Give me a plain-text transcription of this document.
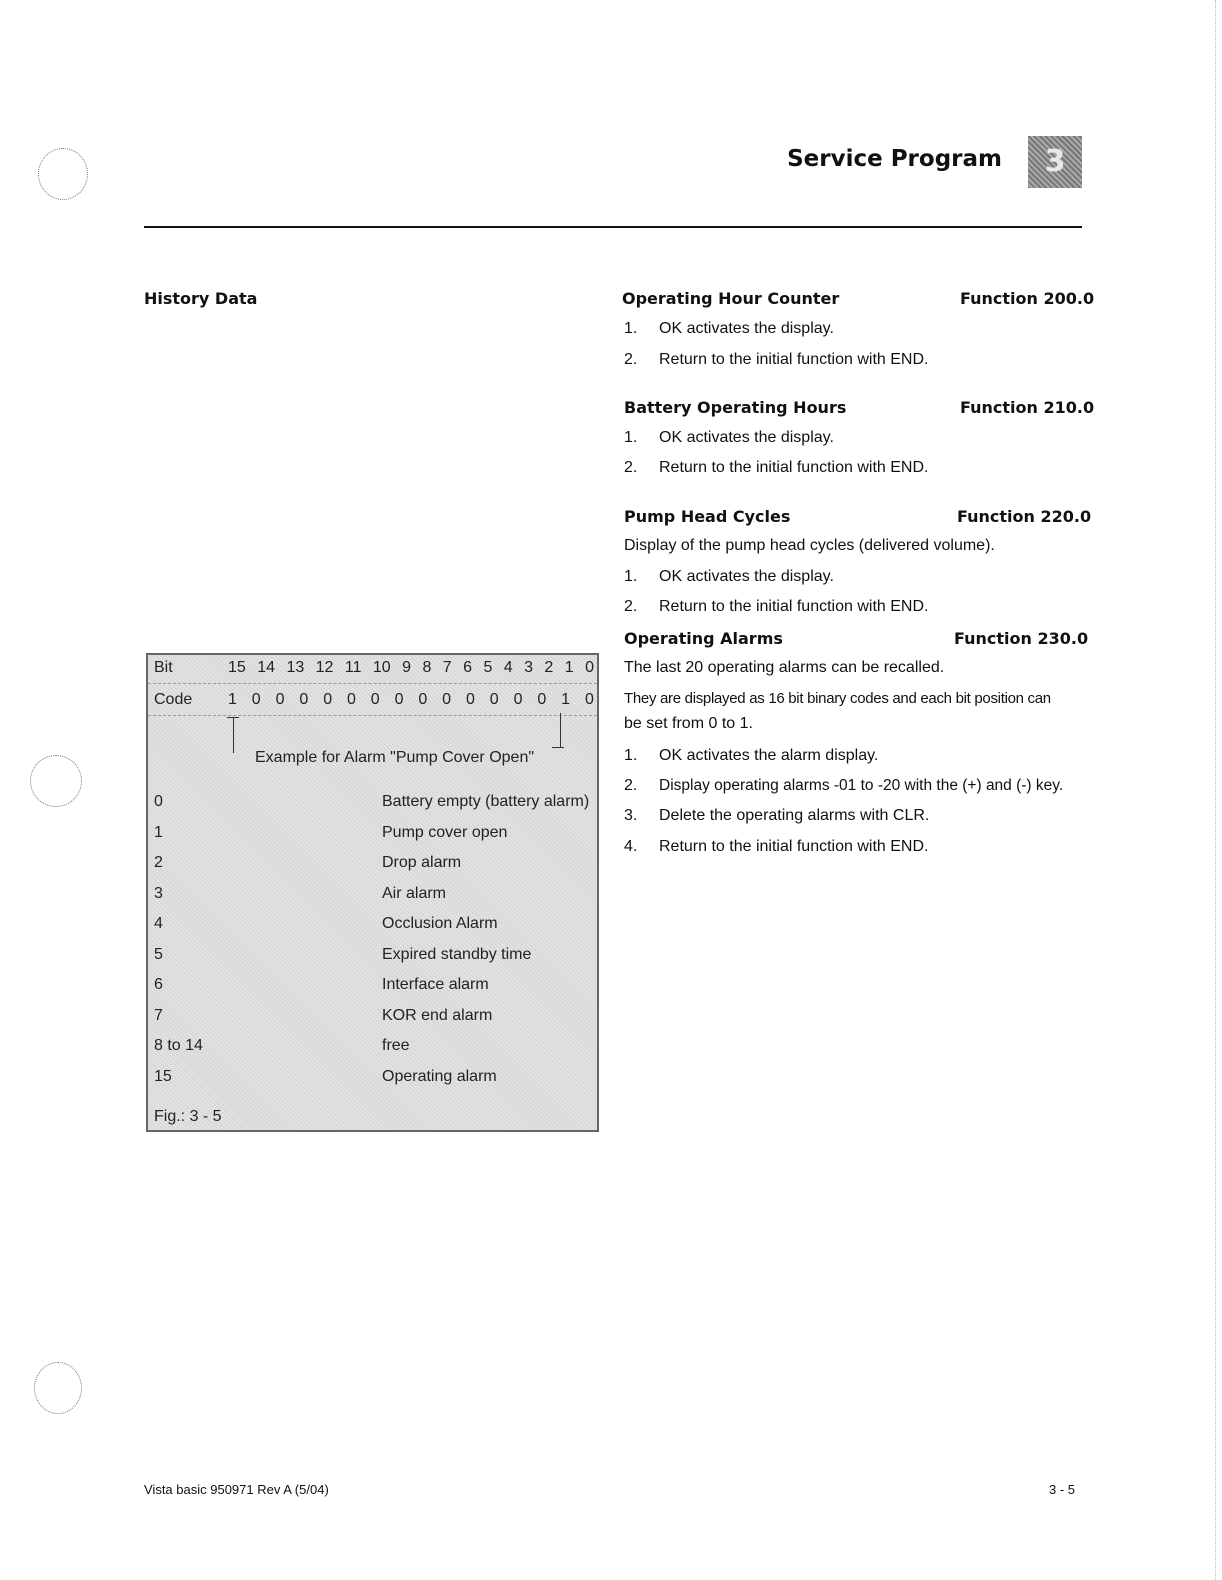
Service Program	3
History Data	Operating Hour Counter	Function 200.0
1. OK activates the display.
2. Return to the initial function with END.
Battery Operating Hours	Function 210.0
1. OK activates the display.
2. Return to the initial function with END.
Pump Head Cycles	Function 220.0
Display of the pump head cycles (delivered volume).
1. OK activates the display.
2. Return to the initial function with END.
Operating Alarms	Function 230.0
The last 20 operating alarms can be recalled.
They are displayed as 16 bit binary codes and each bit position can
be set from 0 to 1.
1. OK activates the alarm display.
2. Display operating alarms -01 to -20 with the (+) and (-) key.
3. Delete the operating alarms with CLR.
4. Return to the initial function with END.
Bit	15 14 13 12 11 10 9 8 7 6 5 4 3 2 1 0
Code 1 0 0 0 0 0 0 0 0 0 0 0 0 0 1 0
Example for Alarm "Pump Cover Open"
0	Battery empty (battery alarm)
1	Pump cover open
2	Drop alarm
3	Air alarm
4	Occlusion Alarm
5	Expired standby time
6	Interface alarm
7	KOR end alarm
8 to 14	free
15	Operating alarm
Fig.: 3 - 5
Vista basic 950971 Rev A (5/04)	3 - 5
